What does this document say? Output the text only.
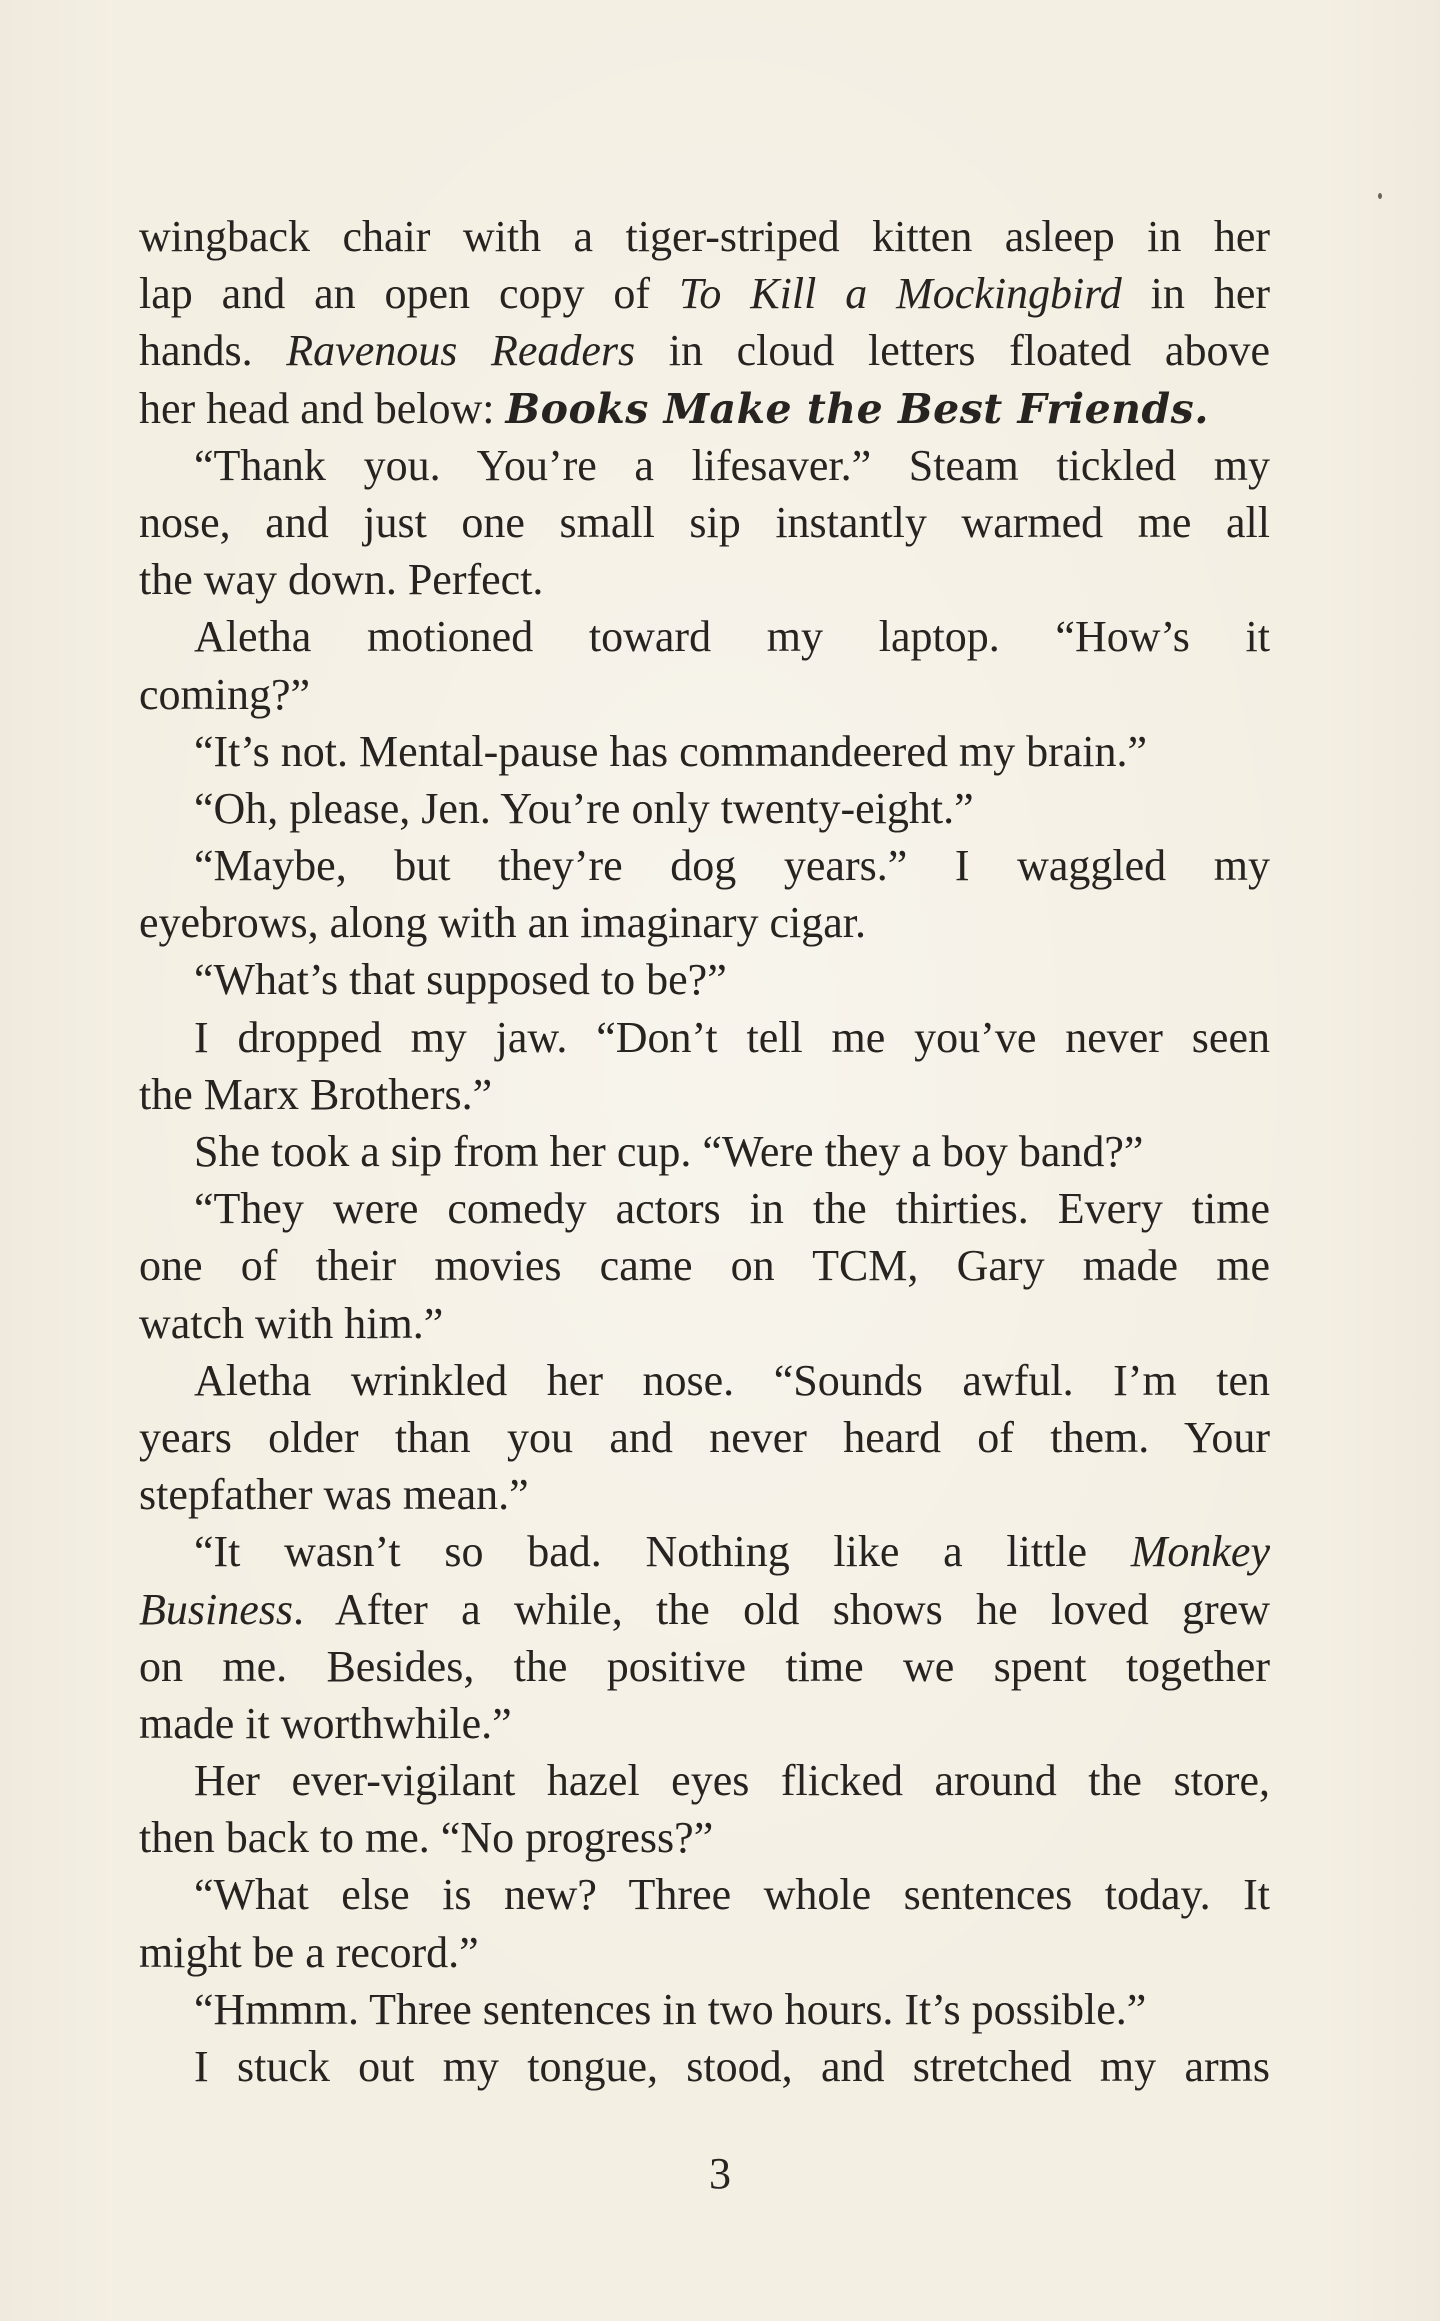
wingback chair with a tiger-striped kitten asleep in her
lap and an open copy of To Kill a Mockingbird in her
hands. Ravenous Readers in cloud letters floated above
her head and below: Books Make the Best Friends.
“Thank you. You’re a lifesaver.” Steam tickled my
nose, and just one small sip instantly warmed me all
the way down. Perfect.
Aletha motioned toward my laptop. “How’s it
coming?”
“It’s not. Mental-pause has commandeered my brain.”
“Oh, please, Jen. You’re only twenty-eight.”
“Maybe, but they’re dog years.” I waggled my
eyebrows, along with an imaginary cigar.
“What’s that supposed to be?”
I dropped my jaw. “Don’t tell me you’ve never seen
the Marx Brothers.”
She took a sip from her cup. “Were they a boy band?”
“They were comedy actors in the thirties. Every time
one of their movies came on TCM, Gary made me
watch with him.”
Aletha wrinkled her nose. “Sounds awful. I’m ten
years older than you and never heard of them. Your
stepfather was mean.”
“It wasn’t so bad. Nothing like a little Monkey
Business. After a while, the old shows he loved grew
on me. Besides, the positive time we spent together
made it worthwhile.”
Her ever-vigilant hazel eyes flicked around the store,
then back to me. “No progress?”
“What else is new? Three whole sentences today. It
might be a record.”
“Hmmm. Three sentences in two hours. It’s possible.”
I stuck out my tongue, stood, and stretched my arms
3
